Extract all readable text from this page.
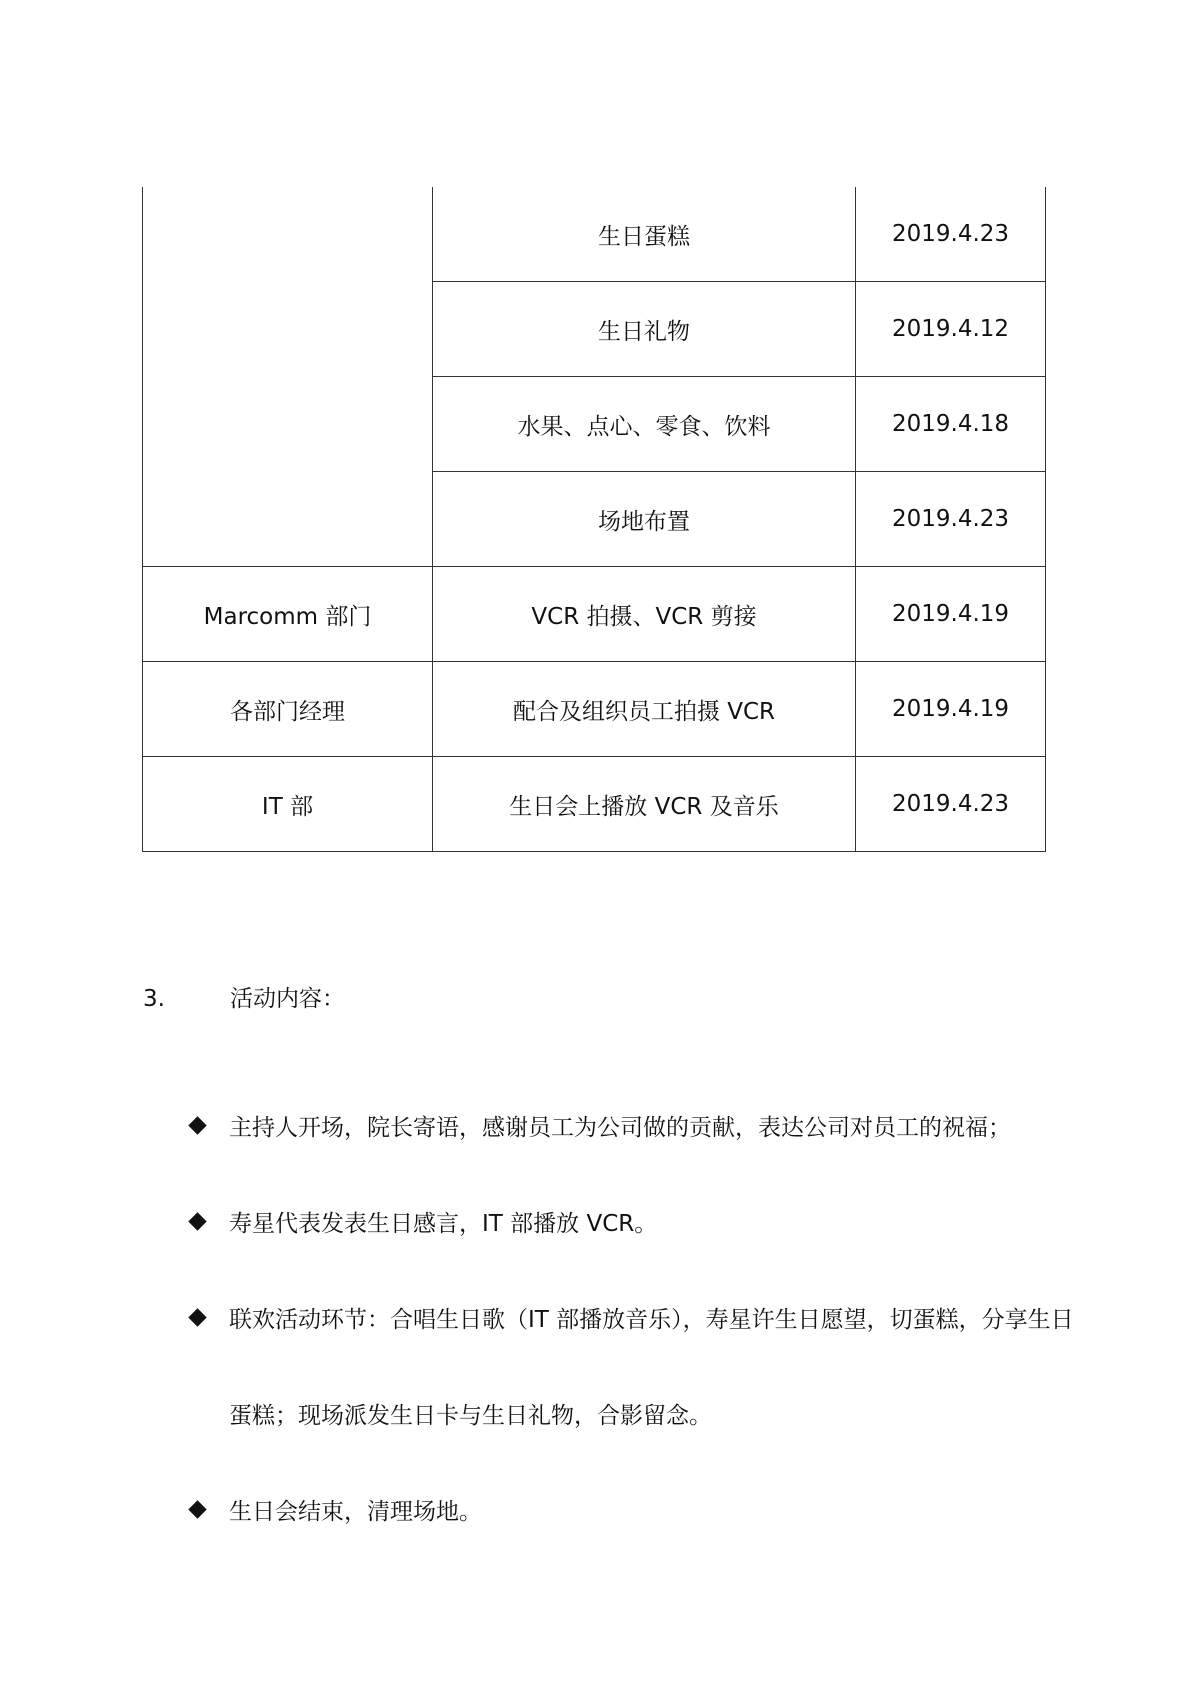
	生日蛋糕	2019.4.23
	生日礼物	2019.4.12
	水果、点心、零食、饮料	2019.4.18
	场地布置	2019.4.23
Marcomm 部门	VCR 拍摄、VCR 剪接	2019.4.19
各部门经理	配合及组织员工拍摄 VCR	2019.4.19
IT 部	生日会上播放 VCR 及音乐	2019.4.23
3.	活动内容：
主持人开场，院长寄语，感谢员工为公司做的贡献，表达公司对员工的祝福；
寿星代表发表生日感言，IT 部播放 VCR。
联欢活动环节：合唱生日歌（IT 部播放音乐），寿星许生日愿望，切蛋糕，分享生日蛋糕；现场派发生日卡与生日礼物，合影留念。
生日会结束，清理场地。
